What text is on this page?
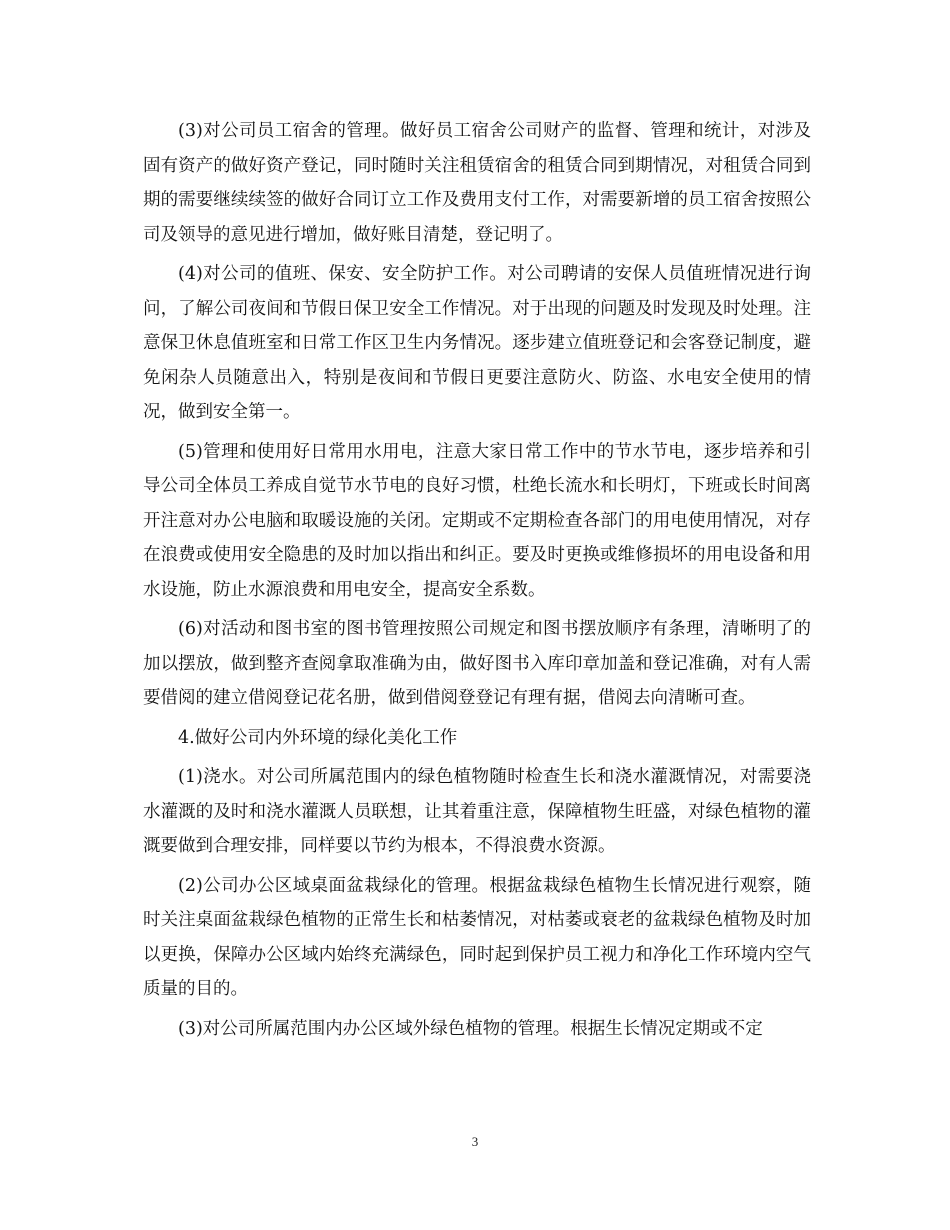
(3)对公司员工宿舍的管理。做好员工宿舍公司财产的监督、管理和统计，对涉及固有资产的做好资产登记，同时随时关注租赁宿舍的租赁合同到期情况，对租赁合同到期的需要继续续签的做好合同订立工作及费用支付工作，对需要新增的员工宿舍按照公司及领导的意见进行增加，做好账目清楚，登记明了。

(4)对公司的值班、保安、安全防护工作。对公司聘请的安保人员值班情况进行询问，了解公司夜间和节假日保卫安全工作情况。对于出现的问题及时发现及时处理。注意保卫休息值班室和日常工作区卫生内务情况。逐步建立值班登记和会客登记制度，避免闲杂人员随意出入，特别是夜间和节假日更要注意防火、防盗、水电安全使用的情况，做到安全第一。

(5)管理和使用好日常用水用电，注意大家日常工作中的节水节电，逐步培养和引导公司全体员工养成自觉节水节电的良好习惯，杜绝长流水和长明灯，下班或长时间离开注意对办公电脑和取暖设施的关闭。定期或不定期检查各部门的用电使用情况，对存在浪费或使用安全隐患的及时加以指出和纠正。要及时更换或维修损坏的用电设备和用水设施，防止水源浪费和用电安全，提高安全系数。

(6)对活动和图书室的图书管理按照公司规定和图书摆放顺序有条理，清晰明了的加以摆放，做到整齐查阅拿取准确为由，做好图书入库印章加盖和登记准确，对有人需要借阅的建立借阅登记花名册，做到借阅登登记有理有据，借阅去向清晰可查。

4.做好公司内外环境的绿化美化工作

(1)浇水。对公司所属范围内的绿色植物随时检查生长和浇水灌溉情况，对需要浇水灌溉的及时和浇水灌溉人员联想，让其着重注意，保障植物生旺盛，对绿色植物的灌溉要做到合理安排，同样要以节约为根本，不得浪费水资源。

(2)公司办公区域桌面盆栽绿化的管理。根据盆栽绿色植物生长情况进行观察，随时关注桌面盆栽绿色植物的正常生长和枯萎情况，对枯萎或衰老的盆栽绿色植物及时加以更换，保障办公区域内始终充满绿色，同时起到保护员工视力和净化工作环境内空气质量的目的。

(3)对公司所属范围内办公区域外绿色植物的管理。根据生长情况定期或不定

3
